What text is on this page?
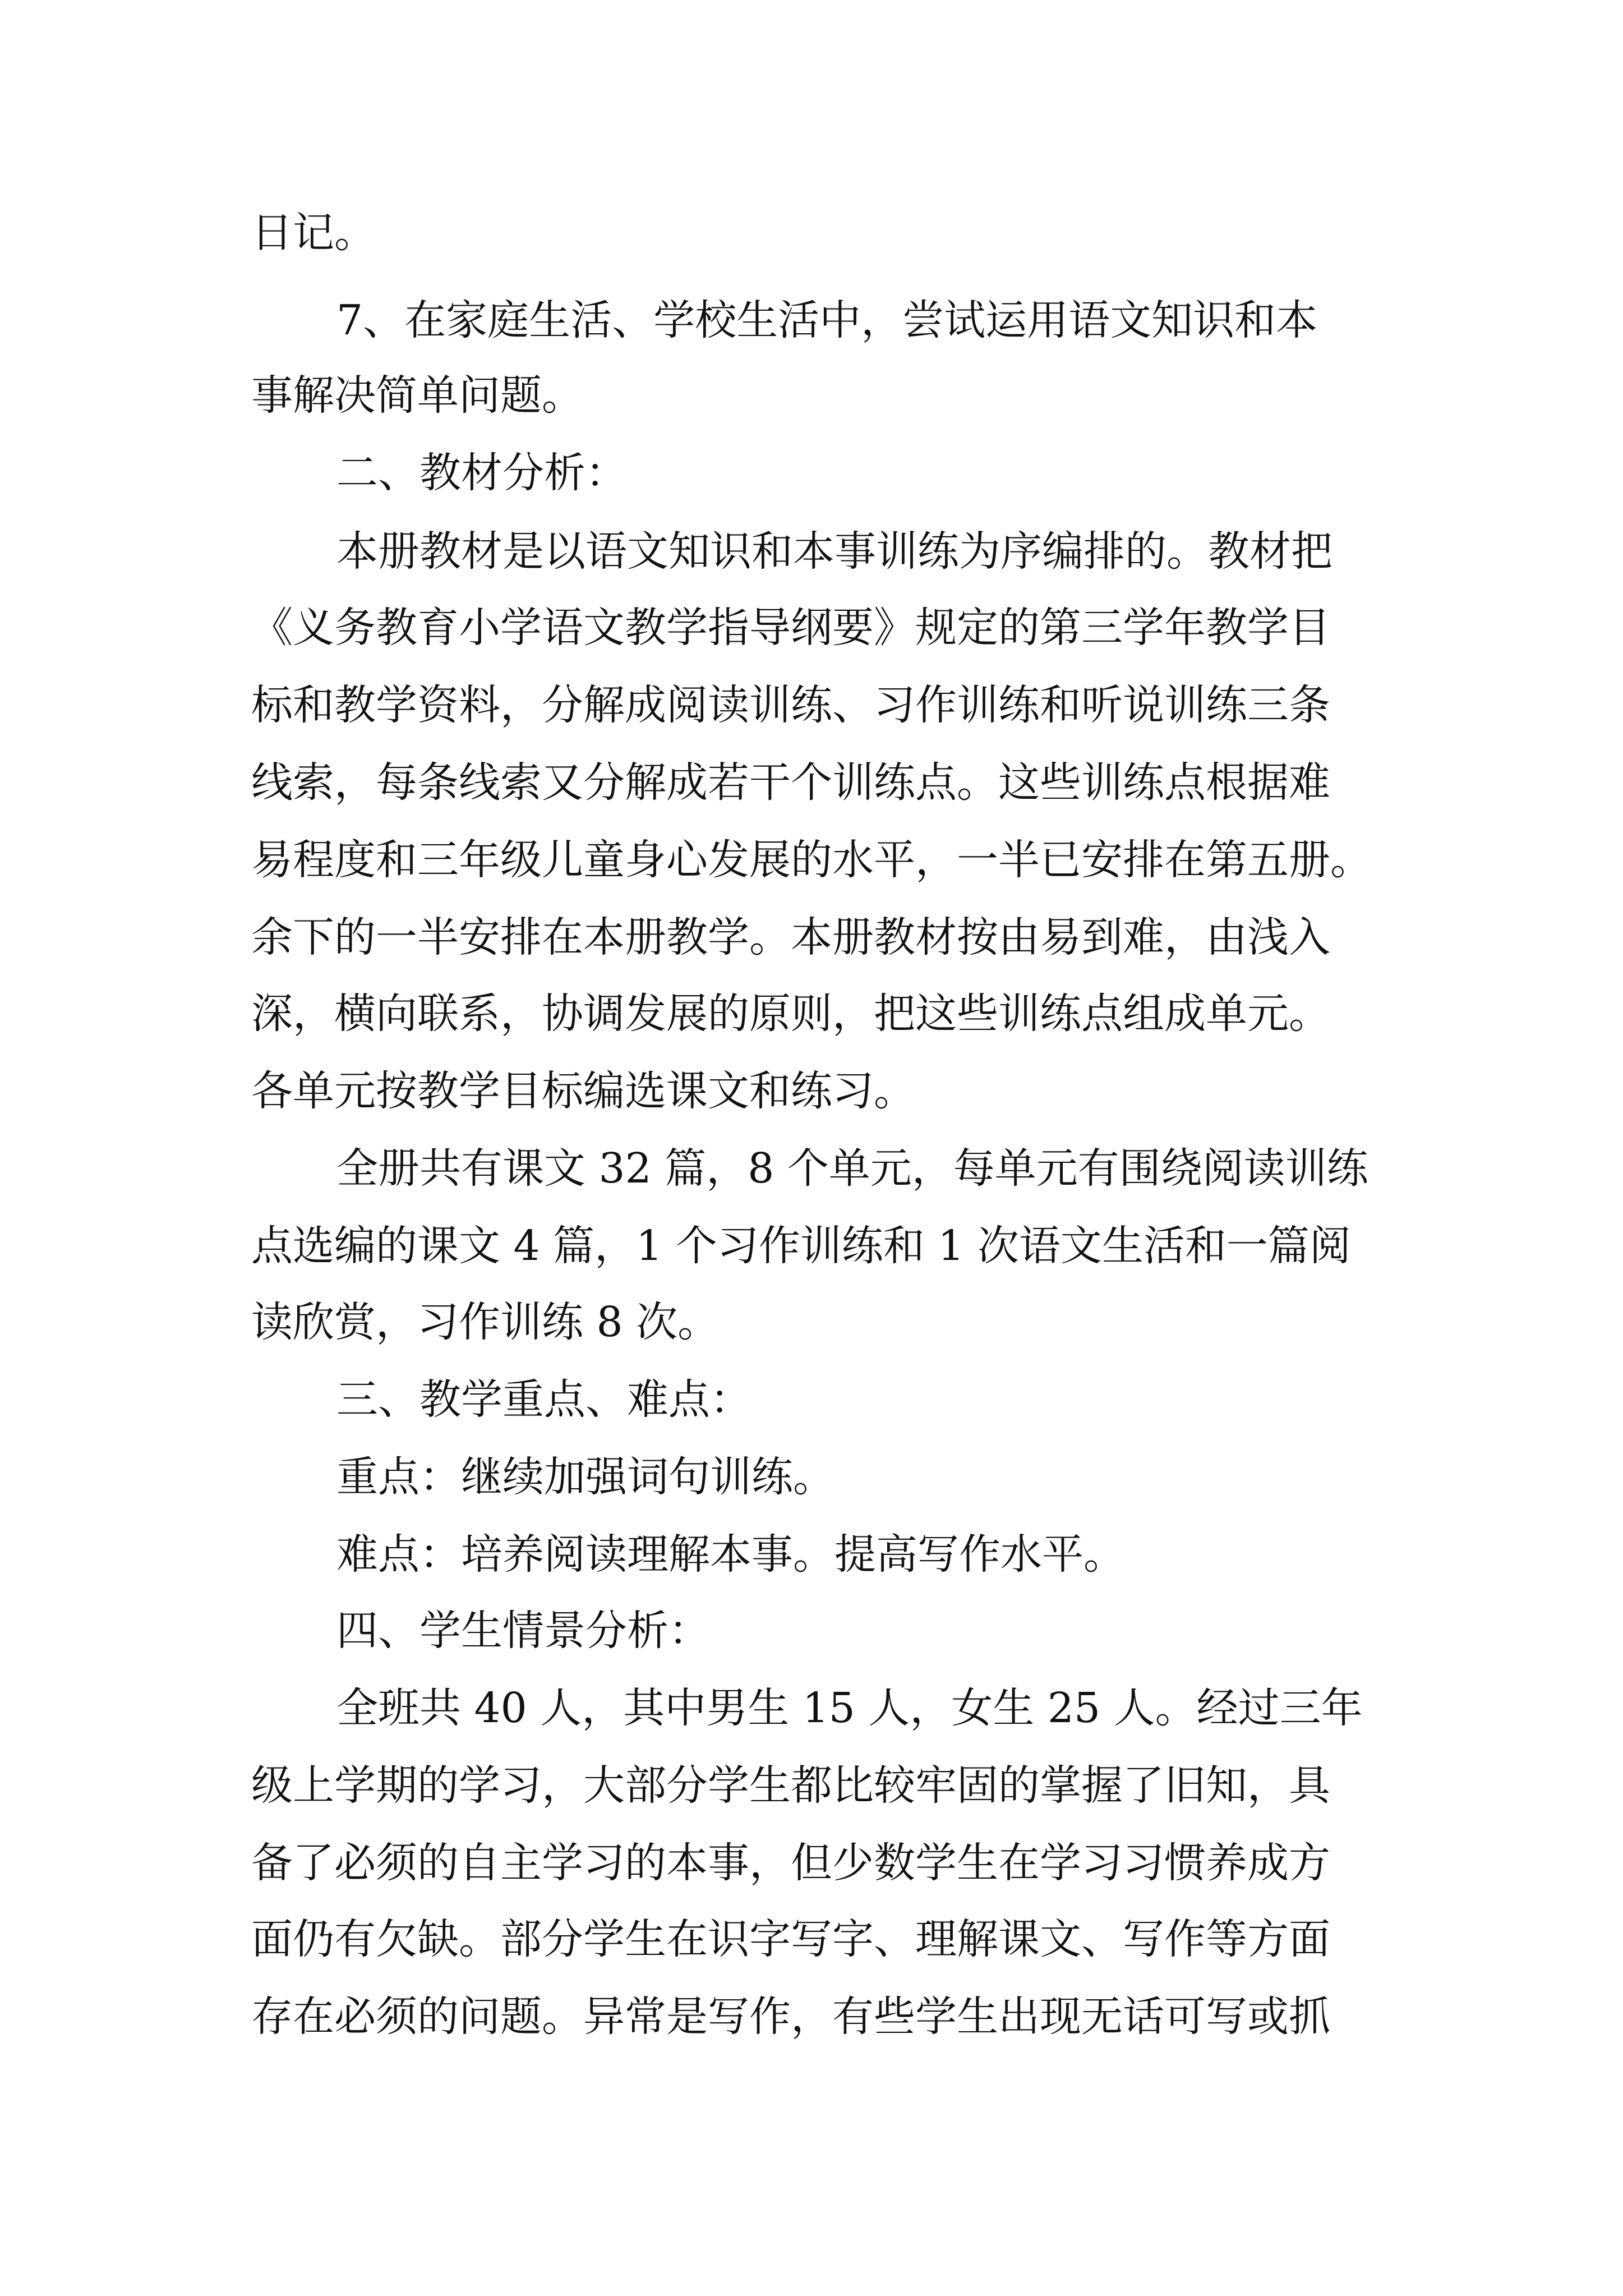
日记。
7、在家庭生活、学校生活中，尝试运用语文知识和本
事解决简单问题。
二、教材分析：
本册教材是以语文知识和本事训练为序编排的。教材把
《义务教育小学语文教学指导纲要》规定的第三学年教学目
标和教学资料，分解成阅读训练、习作训练和听说训练三条
线索，每条线索又分解成若干个训练点。这些训练点根据难
易程度和三年级儿童身心发展的水平，一半已安排在第五册。
余下的一半安排在本册教学。本册教材按由易到难，由浅入
深，横向联系，协调发展的原则，把这些训练点组成单元。
各单元按教学目标编选课文和练习。
全册共有课文 32 篇，8 个单元，每单元有围绕阅读训练
点选编的课文 4 篇，1 个习作训练和 1 次语文生活和一篇阅
读欣赏，习作训练 8 次。
三、教学重点、难点：
重点：继续加强词句训练。
难点：培养阅读理解本事。提高写作水平。
四、学生情景分析：
全班共 40 人，其中男生 15 人，女生 25 人。经过三年
级上学期的学习，大部分学生都比较牢固的掌握了旧知，具
备了必须的自主学习的本事，但少数学生在学习习惯养成方
面仍有欠缺。部分学生在识字写字、理解课文、写作等方面
存在必须的问题。异常是写作，有些学生出现无话可写或抓
